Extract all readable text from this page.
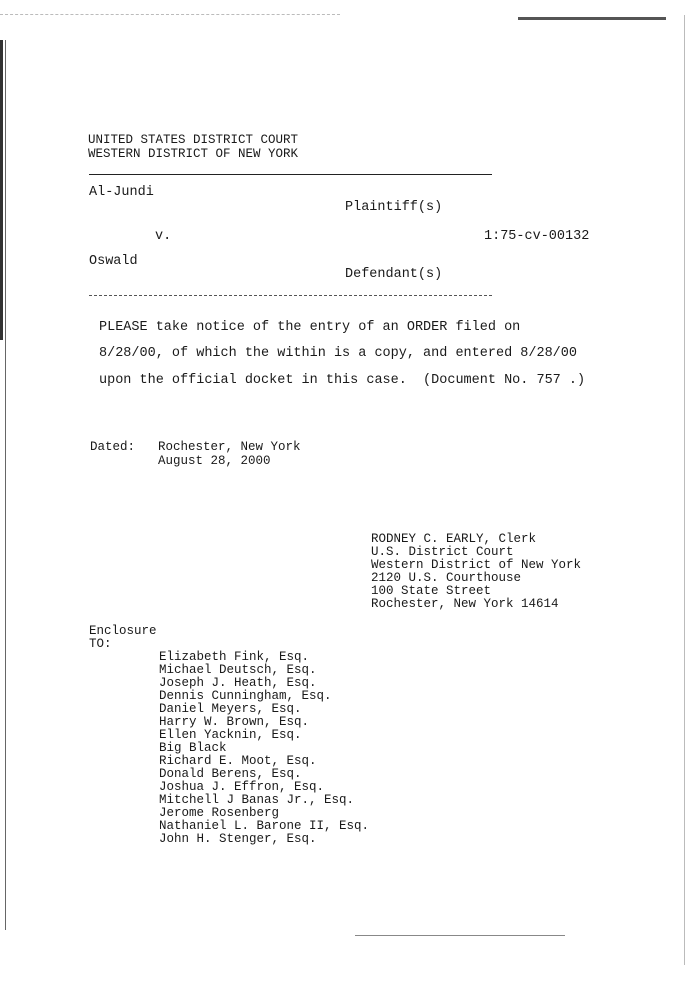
UNITED STATES DISTRICT COURT
WESTERN DISTRICT OF NEW YORK
Al-Jundi
Plaintiff(s)
v.	1:75-cv-00132
Oswald
Defendant(s)
PLEASE take notice of the entry of an ORDER filed on
8/28/00, of which the within is a copy, and entered 8/28/00
upon the official docket in this case.  (Document No. 757 .)
Dated: Rochester, New York
August 28, 2000
RODNEY C. EARLY, Clerk
U.S. District Court
Western District of New York
2120 U.S. Courthouse
100 State Street
Rochester, New York 14614
Enclosure
TO:
Elizabeth Fink, Esq.
Michael Deutsch, Esq.
Joseph J. Heath, Esq.
Dennis Cunningham, Esq.
Daniel Meyers, Esq.
Harry W. Brown, Esq.
Ellen Yacknin, Esq.
Big Black
Richard E. Moot, Esq.
Donald Berens, Esq.
Joshua J. Effron, Esq.
Mitchell J Banas Jr., Esq.
Jerome Rosenberg
Nathaniel L. Barone II, Esq.
John H. Stenger, Esq.
